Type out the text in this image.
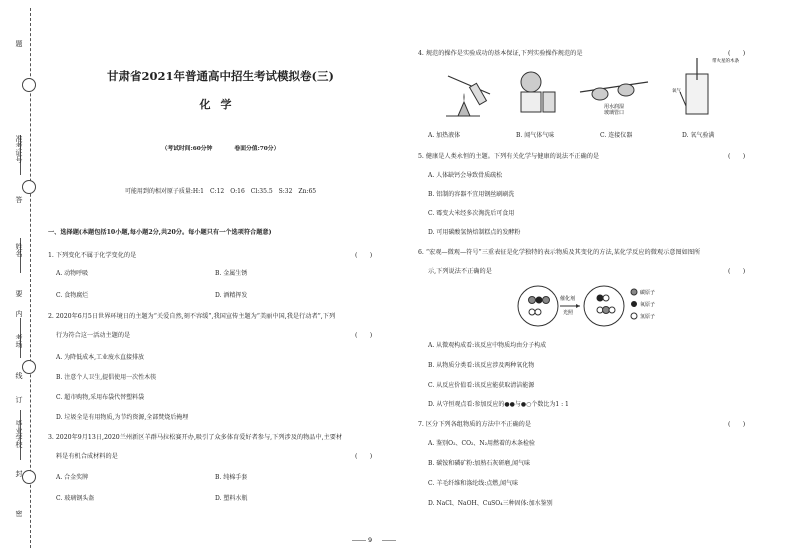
题
准考证号
答
姓名
要
内
考场
线
订
毕业学校
封
密
甘肃省2021年普通高中招生考试模拟卷(三)
化学
（考试时间:60分钟	卷面分值:70分）
可能用到的相对原子质量:H:1　C:12　O:16　Cl:35.5　S:32　Zn:65
一、选择题(本题包括10小题,每小题2分,共20分。每小题只有一个选项符合题意)
1. 下列变化不属于化学变化的是	(　　)
A. 动物呼吸	B. 金属生锈
C. 食物腐烂	D. 酒精挥发
2. 2020年6月5日世界环境日的主题为“关爱自然,刻不容缓”,我国宣传主题为“美丽中国,我是行动者”,下列
行为符合这一活动主题的是	(　　)
A. 为降低成本,工业废水直接排放
B. 注意个人卫生,提倡使用一次性木筷
C. 超市购物,采用布袋代替塑料袋
D. 垃圾全是有用物质,为节约资源,全部焚烧后掩埋
3. 2020年9月13日,2020兰州新区羊群马拉松赛开办,吸引了众多体育爱好者参与,下列涉及的物品中,主要材
料是有机合成材料的是	(　　)
A. 合金奖牌	B. 纯棉手套
C. 玻璃钢头盔	D. 塑料水瓶
4. 规范的操作是实验成功的基本保证,下列实验操作规范的是	(　　)
用水润湿
玻璃管口
带火星的木条
氧气
A. 加热液体	B. 闻气体气味	C. 连接仪器	D. 氧气验满
5. 健康是人类永恒的主题。下列有关化学与健康的说法不正确的是	(　　)
A. 人体缺钙会导致骨质疏松
B. 铝制的容器不宜用钢丝刷刷洗
C. 霉变大米经多次淘洗后可食用
D. 可用碳酸氢钠焙制糕点的发酵粉
6. “宏观—微观—符号”三重表征是化学独特的表示物质及其变化的方法,某化学反应的微观示意图如图所
示,下列说法不正确的是	(　　)
催化剂
光照
碳原子
氧原子
氢原子
A. 从微观构成看:该反应中物质均由分子构成
B. 从物质分类看:该反应涉及两种氧化物
C. 从反应价值看:该反应能获取清洁能源
D. 从守恒观点看:参加反应的●●与●○个数比为1 : 1
7. 区分下列各组物质的方法中不正确的是	(　　)
A. 鉴别O₂、CO₂、N₂用燃着的木条检验
B. 碳铵和磷矿粉:加熟石灰研磨,闻气味
C. 羊毛纤维和涤纶线:点燃,闻气味
D. NaCl、NaOH、CuSO₄三种固体:加水鉴别
9
